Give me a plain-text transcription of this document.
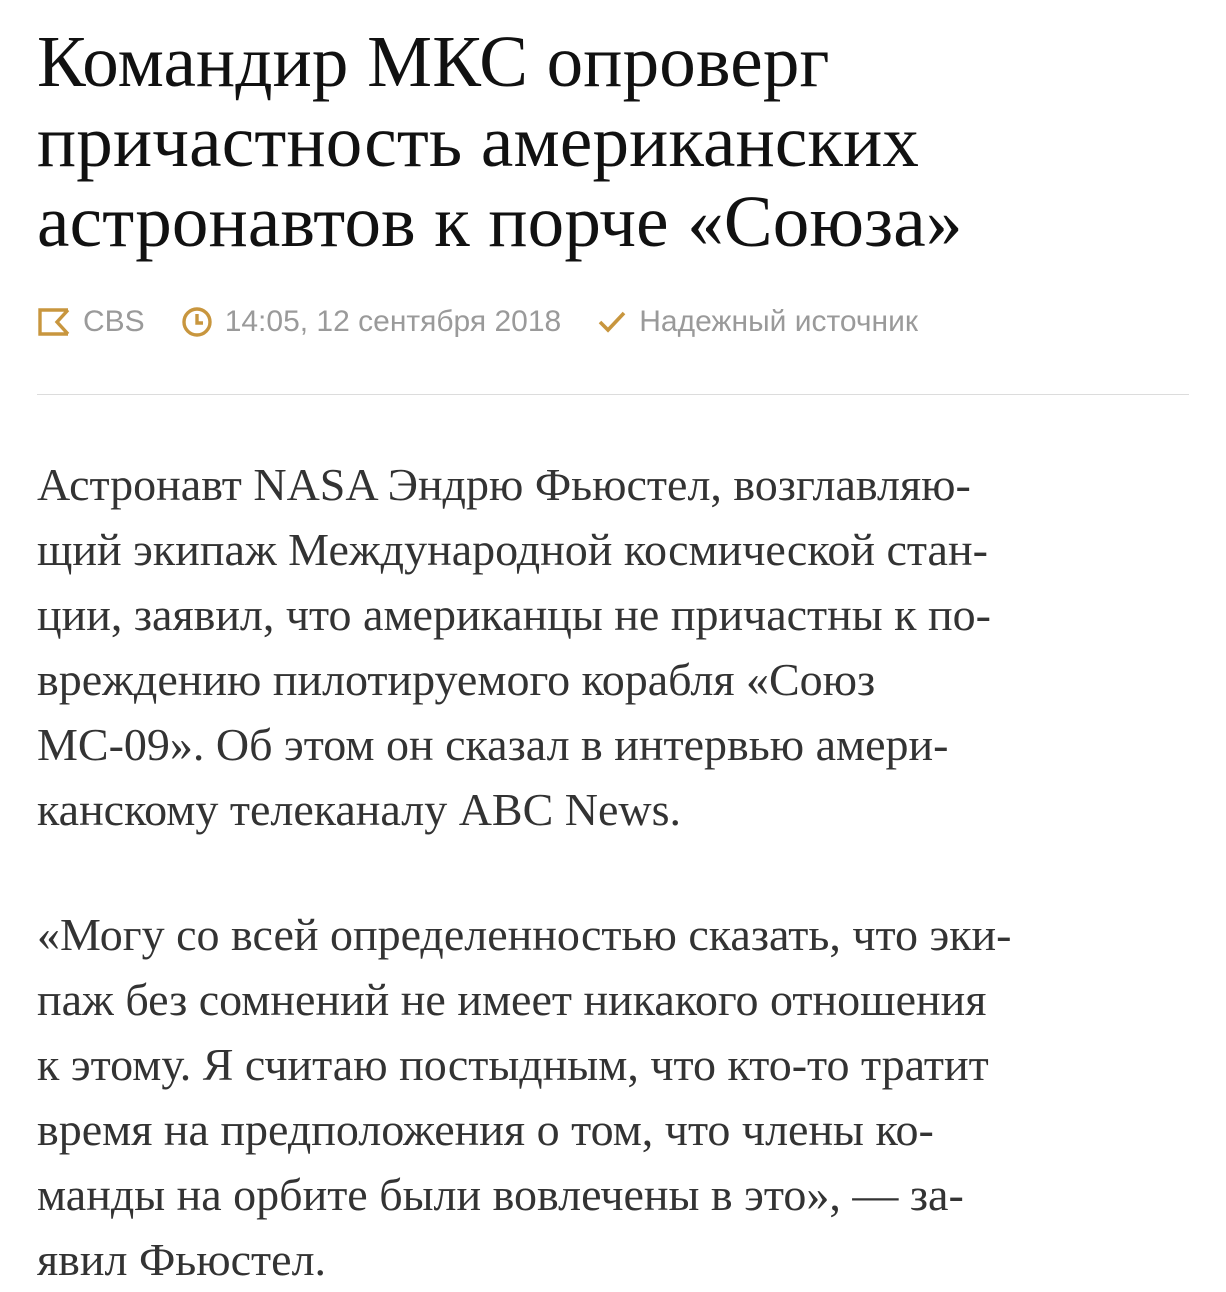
Командир МКС опроверг
причастность американских
астронавтов к порче «Союза»
CBS	14:05, 12 сентября 2018	Надежный источник

Астронавт NASA Эндрю Фьюстел, возглавляю-
щий экипаж Международной космической стан-
ции, заявил, что американцы не причастны к по-
вреждению пилотируемого корабля «Союз
МС-09». Об этом он сказал в интервью амери-
канскому телеканалу ABC News.

«Могу со всей определенностью сказать, что эки-
паж без сомнений не имеет никакого отношения
к этому. Я считаю постыдным, что кто-то тратит
время на предположения о том, что члены ко-
манды на орбите были вовлечены в это», — за-
явил Фьюстел.
